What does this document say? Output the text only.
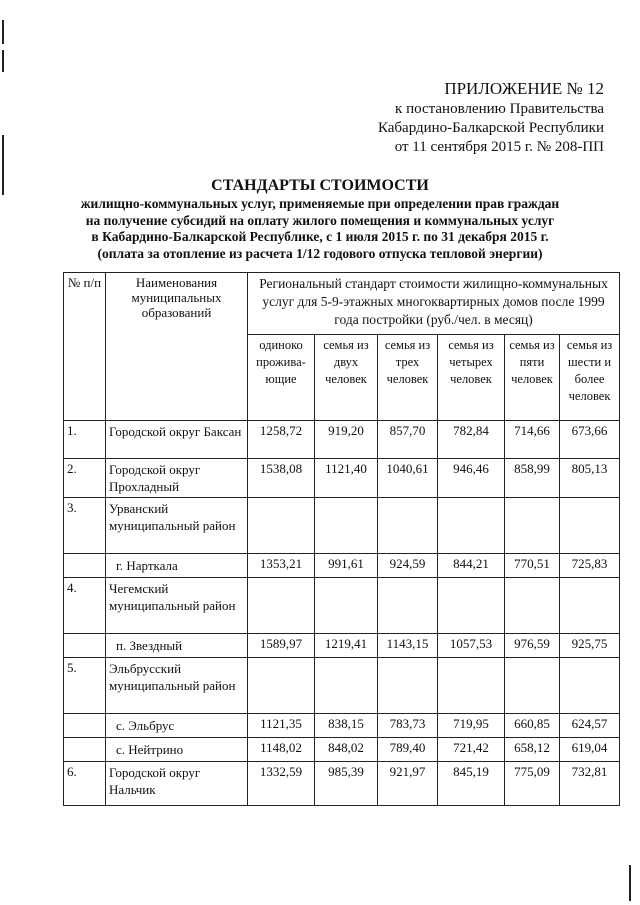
ПРИЛОЖЕНИЕ № 12
к постановлению Правительства
Кабардино-Балкарской Республики
от 11 сентября 2015 г. № 208-ПП
СТАНДАРТЫ СТОИМОСТИ
жилищно-коммунальных услуг, применяемые при определении прав граждан
на получение субсидий на оплату жилого помещения и коммунальных услуг
в Кабардино-Балкарской Республике, с 1 июля 2015 г. по 31 декабря 2015 г.
(оплата за отопление из расчета 1/12 годового отпуска тепловой энергии)
№ п/п	Наименования муниципальных образований	Региональный стандарт стоимости жилищно-коммунальных услуг для 5-9-этажных многоквартирных домов после 1999 года постройки (руб./чел. в месяц)					
		одиноко прожива-ющие	семья из двух человек	семья из трех человек	семья из четырех человек	семья из пяти человек	семья из шести и более человек
1.	Городской округ Баксан	1258,72	919,20	857,70	782,84	714,66	673,66
2.	Городской округ Прохладный	1538,08	1121,40	1040,61	946,46	858,99	805,13
3.	Урванский муниципальный район						
	г. Нарткала	1353,21	991,61	924,59	844,21	770,51	725,83
4.	Чегемский муниципальный район						
	п. Звездный	1589,97	1219,41	1143,15	1057,53	976,59	925,75
5.	Эльбрусский муниципальный район						
	с. Эльбрус	1121,35	838,15	783,73	719,95	660,85	624,57
	с. Нейтрино	1148,02	848,02	789,40	721,42	658,12	619,04
6.	Городской округ Нальчик	1332,59	985,39	921,97	845,19	775,09	732,81
